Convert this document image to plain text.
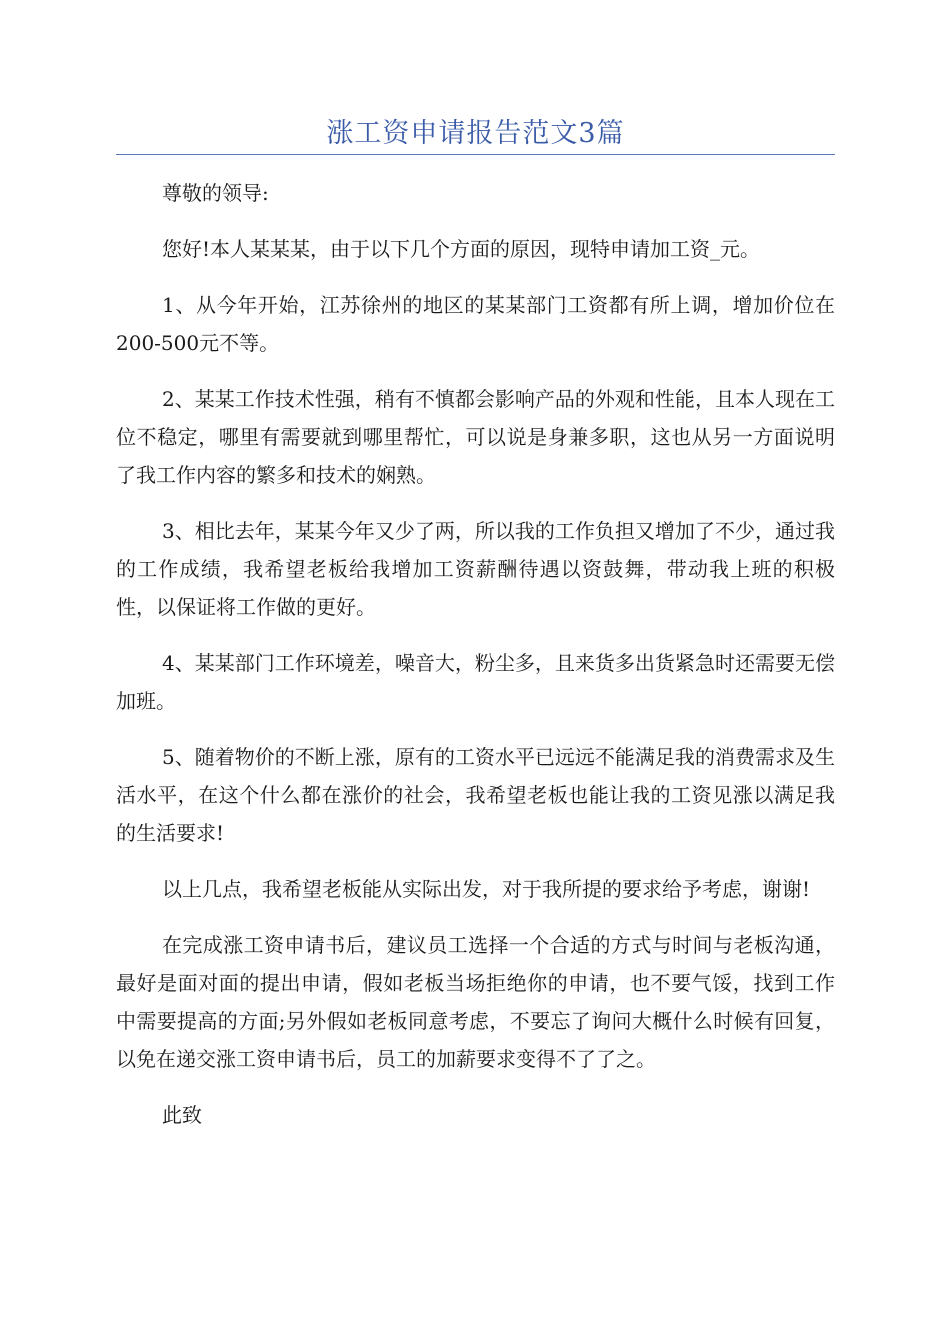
涨工资申请报告范文3篇

尊敬的领导:

您好!本人某某某，由于以下几个方面的原因，现特申请加工资_元。

1、从今年开始，江苏徐州的地区的某某部门工资都有所上调，增加价位在200-500元不等。

2、某某工作技术性强，稍有不慎都会影响产品的外观和性能，且本人现在工位不稳定，哪里有需要就到哪里帮忙，可以说是身兼多职，这也从另一方面说明了我工作内容的繁多和技术的娴熟。

3、相比去年，某某今年又少了两，所以我的工作负担又增加了不少，通过我的工作成绩，我希望老板给我增加工资薪酬待遇以资鼓舞，带动我上班的积极性，以保证将工作做的更好。

4、某某部门工作环境差，噪音大，粉尘多，且来货多出货紧急时还需要无偿加班。

5、随着物价的不断上涨，原有的工资水平已远远不能满足我的消费需求及生活水平，在这个什么都在涨价的社会，我希望老板也能让我的工资见涨以满足我的生活要求!

以上几点，我希望老板能从实际出发，对于我所提的要求给予考虑，谢谢!

在完成涨工资申请书后，建议员工选择一个合适的方式与时间与老板沟通，最好是面对面的提出申请，假如老板当场拒绝你的申请，也不要气馁，找到工作中需要提高的方面;另外假如老板同意考虑，不要忘了询问大概什么时候有回复，以免在递交涨工资申请书后，员工的加薪要求变得不了了之。

此致
